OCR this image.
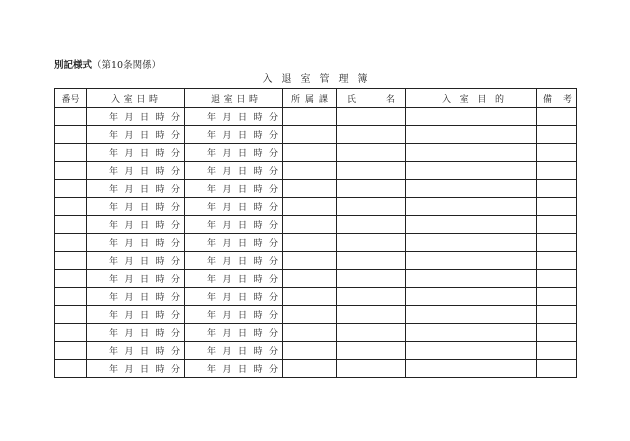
別記様式（第10条関係）
入退室管理簿
番号	入 室 日 時	退 室 日 時	所 属 課	氏 名	入 室 目 的	備 考

	年 月 日 時 分	年 月 日 時 分				

	年 月 日 時 分	年 月 日 時 分				

	年 月 日 時 分	年 月 日 時 分				

	年 月 日 時 分	年 月 日 時 分				

	年 月 日 時 分	年 月 日 時 分				

	年 月 日 時 分	年 月 日 時 分				

	年 月 日 時 分	年 月 日 時 分				

	年 月 日 時 分	年 月 日 時 分				

	年 月 日 時 分	年 月 日 時 分				

	年 月 日 時 分	年 月 日 時 分				

	年 月 日 時 分	年 月 日 時 分				

	年 月 日 時 分	年 月 日 時 分				

	年 月 日 時 分	年 月 日 時 分				

	年 月 日 時 分	年 月 日 時 分				

	年 月 日 時 分	年 月 日 時 分				
